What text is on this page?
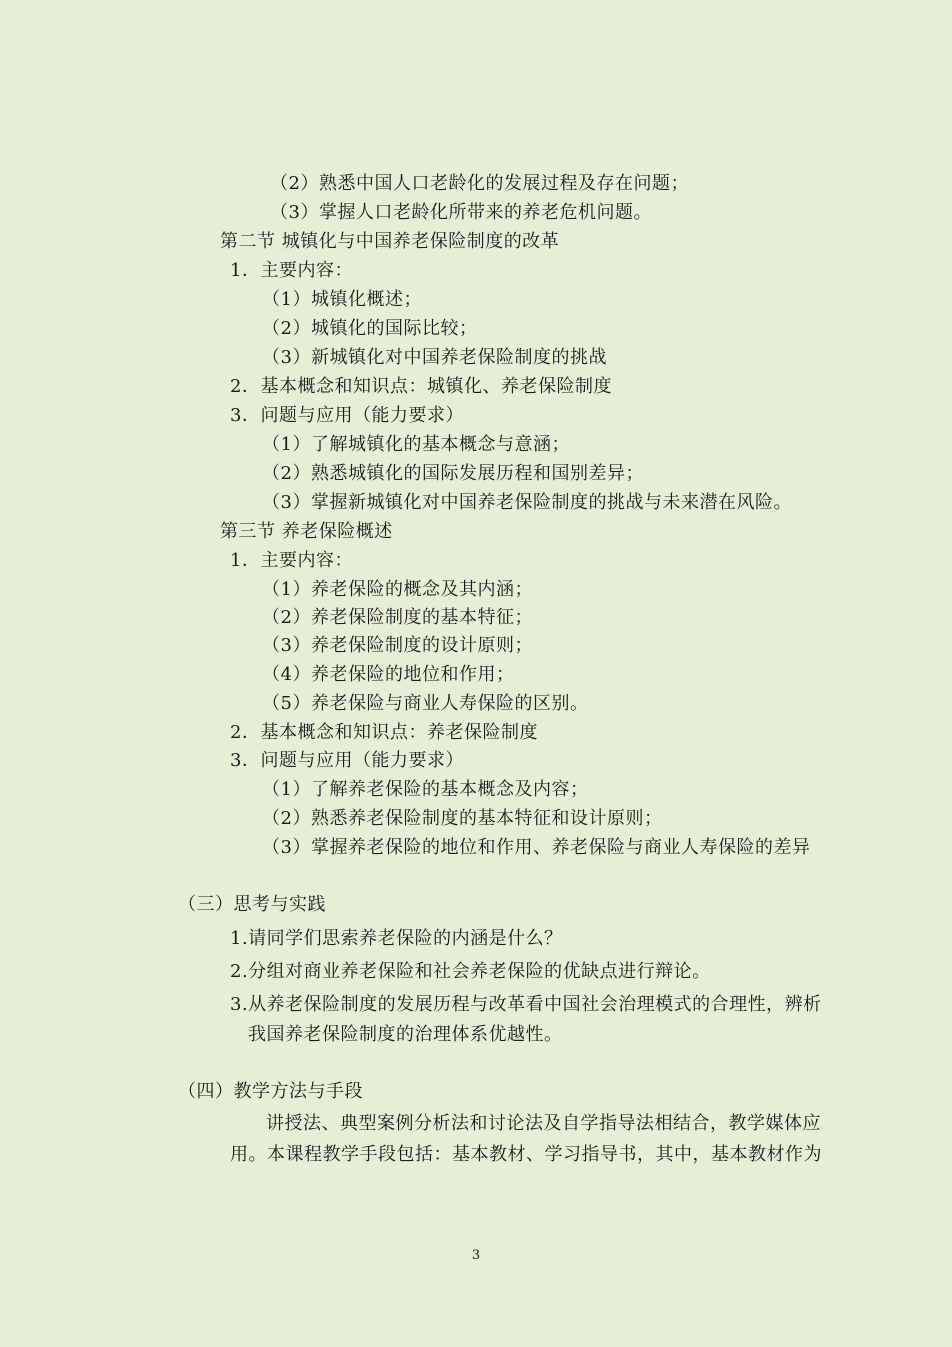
（2）熟悉中国人口老龄化的发展过程及存在问题；
（3）掌握人口老龄化所带来的养老危机问题。
第二节 城镇化与中国养老保险制度的改革
1．主要内容：
（1）城镇化概述；
（2）城镇化的国际比较；
（3）新城镇化对中国养老保险制度的挑战
2．基本概念和知识点：城镇化、养老保险制度
3．问题与应用（能力要求）
（1）了解城镇化的基本概念与意涵；
（2）熟悉城镇化的国际发展历程和国别差异；
（3）掌握新城镇化对中国养老保险制度的挑战与未来潜在风险。
第三节 养老保险概述
1．主要内容：
（1）养老保险的概念及其内涵；
（2）养老保险制度的基本特征；
（3）养老保险制度的设计原则；
（4）养老保险的地位和作用；
（5）养老保险与商业人寿保险的区别。
2．基本概念和知识点：养老保险制度
3．问题与应用（能力要求）
（1）了解养老保险的基本概念及内容；
（2）熟悉养老保险制度的基本特征和设计原则；
（3）掌握养老保险的地位和作用、养老保险与商业人寿保险的差异
（三）思考与实践
1.请同学们思索养老保险的内涵是什么？
2.分组对商业养老保险和社会养老保险的优缺点进行辩论。
3.从养老保险制度的发展历程与改革看中国社会治理模式的合理性，辨析
我国养老保险制度的治理体系优越性。
（四）教学方法与手段
讲授法、典型案例分析法和讨论法及自学指导法相结合，教学媒体应
用。本课程教学手段包括：基本教材、学习指导书，其中，基本教材作为
3
